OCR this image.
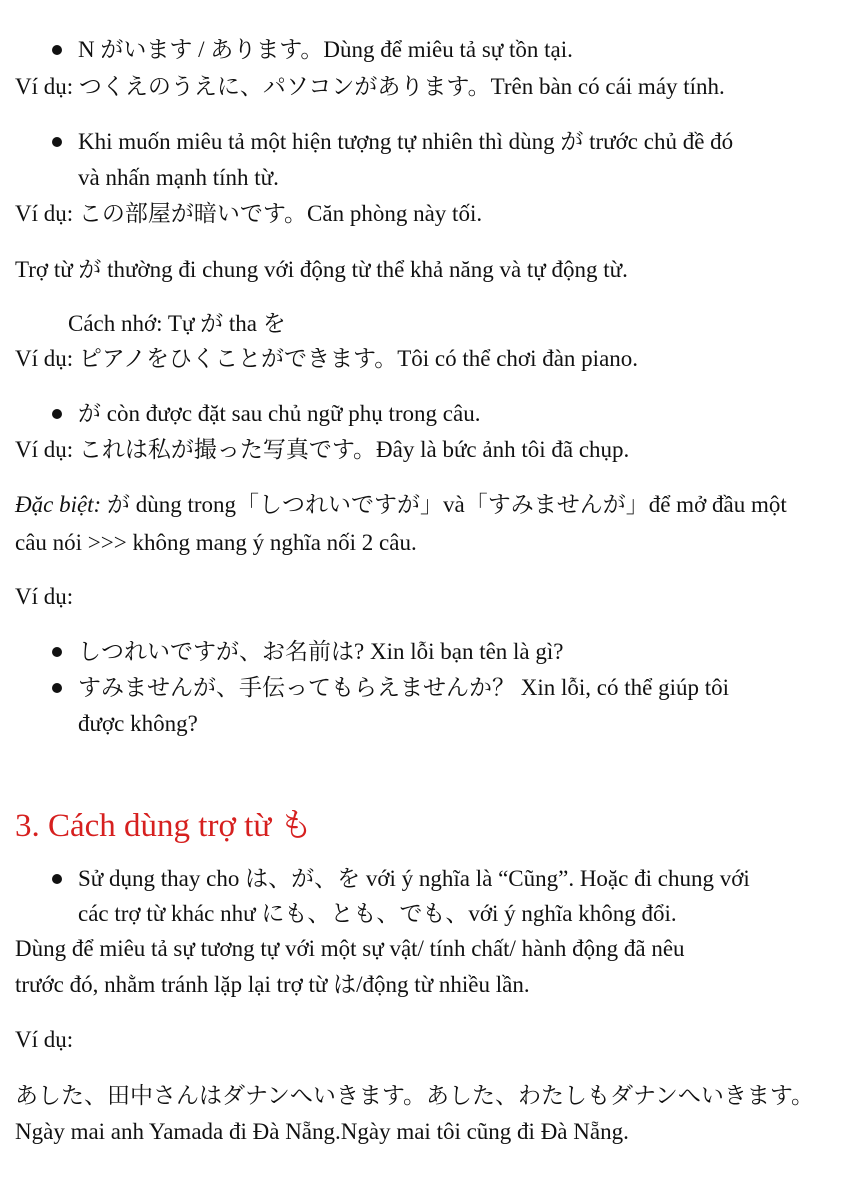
N がいます / あります。Dùng để miêu tả sự tồn tại.
Ví dụ: つくえのうえに、パソコンがあります。Trên bàn có cái máy tính.
Khi muốn miêu tả một hiện tượng tự nhiên thì dùng が trước chủ đề đó
và nhấn mạnh tính từ.
Ví dụ: この部屋が暗いです。Căn phòng này tối.
Trợ từ が thường đi chung với động từ thể khả năng và tự động từ.
Cách nhớ: Tự が tha を
Ví dụ: ピアノをひくことができます。Tôi có thể chơi đàn piano.
が còn được đặt sau chủ ngữ phụ trong câu.
Ví dụ: これは私が撮った写真です。Đây là bức ảnh tôi đã chụp.
Đặc biệt: が dùng trong「しつれいですが」và「すみませんが」để mở đầu một
câu nói >>> không mang ý nghĩa nối 2 câu.
Ví dụ:
しつれいですが、お名前は? Xin lỗi bạn tên là gì?
すみませんが、手伝ってもらえませんか？ Xin lỗi, có thể giúp tôi
được không?
3. Cách dùng trợ từ も
Sử dụng thay cho は、が、を với ý nghĩa là “Cũng”. Hoặc đi chung với
các trợ từ khác như にも、とも、でも、với ý nghĩa không đổi.
Dùng để miêu tả sự tương tự với một sự vật/ tính chất/ hành động đã nêu
trước đó, nhằm tránh lặp lại trợ từ は/động từ nhiều lần.
Ví dụ:
あした、田中さんはダナンへいきます。あした、わたしもダナンへいきます。
Ngày mai anh Yamada đi Đà Nẵng.Ngày mai tôi cũng đi Đà Nẵng.
